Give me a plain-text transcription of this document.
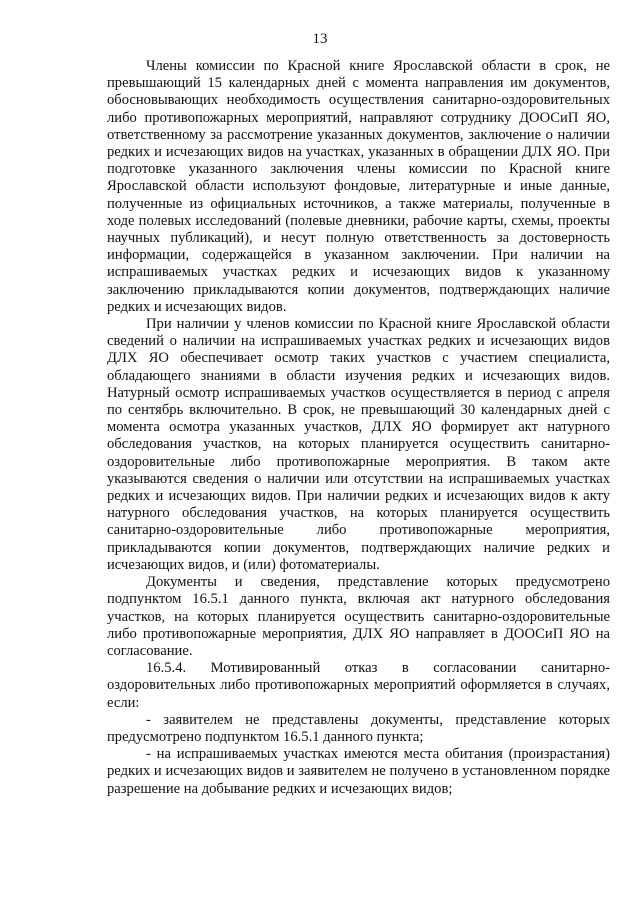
13

Члены комиссии по Красной книге Ярославской области в срок, не превышающий 15 календарных дней с момента направления им документов, обосновывающих необходимость осуществления санитарно-оздоровительных либо противопожарных мероприятий, направляют сотруднику ДООСиП ЯО, ответственному за рассмотрение указанных документов, заключение о наличии редких и исчезающих видов на участках, указанных в обращении ДЛХ ЯО. При подготовке указанного заключения члены комиссии по Красной книге Ярославской области используют фондовые, литературные и иные данные, полученные из официальных источников, а также материалы, полученные в ходе полевых исследований (полевые дневники, рабочие карты, схемы, проекты научных публикаций), и несут полную ответственность за достоверность информации, содержащейся в указанном заключении. При наличии на испрашиваемых участках редких и исчезающих видов к указанному заключению прикладываются копии документов, подтверждающих наличие редких и исчезающих видов.

При наличии у членов комиссии по Красной книге Ярославской области сведений о наличии на испрашиваемых участках редких и исчезающих видов ДЛХ ЯО обеспечивает осмотр таких участков с участием специалиста, обладающего знаниями в области изучения редких и исчезающих видов. Натурный осмотр испрашиваемых участков осуществляется в период с апреля по сентябрь включительно. В срок, не превышающий 30 календарных дней с момента осмотра указанных участков, ДЛХ ЯО формирует акт натурного обследования участков, на которых планируется осуществить санитарно-оздоровительные либо противопожарные мероприятия. В таком акте указываются сведения о наличии или отсутствии на испрашиваемых участках редких и исчезающих видов. При наличии редких и исчезающих видов к акту натурного обследования участков, на которых планируется осуществить санитарно-оздоровительные либо противопожарные мероприятия, прикладываются копии документов, подтверждающих наличие редких и исчезающих видов, и (или) фотоматериалы.

Документы и сведения, представление которых предусмотрено подпунктом 16.5.1 данного пункта, включая акт натурного обследования участков, на которых планируется осуществить санитарно-оздоровительные либо противопожарные мероприятия, ДЛХ ЯО направляет в ДООСиП ЯО на согласование.

16.5.4. Мотивированный отказ в согласовании санитарно-оздоровительных либо противопожарных мероприятий оформляется в случаях, если:

- заявителем не представлены документы, представление которых предусмотрено подпунктом 16.5.1 данного пункта;

- на испрашиваемых участках имеются места обитания (произрастания) редких и исчезающих видов и заявителем не получено в установленном порядке разрешение на добывание редких и исчезающих видов;
